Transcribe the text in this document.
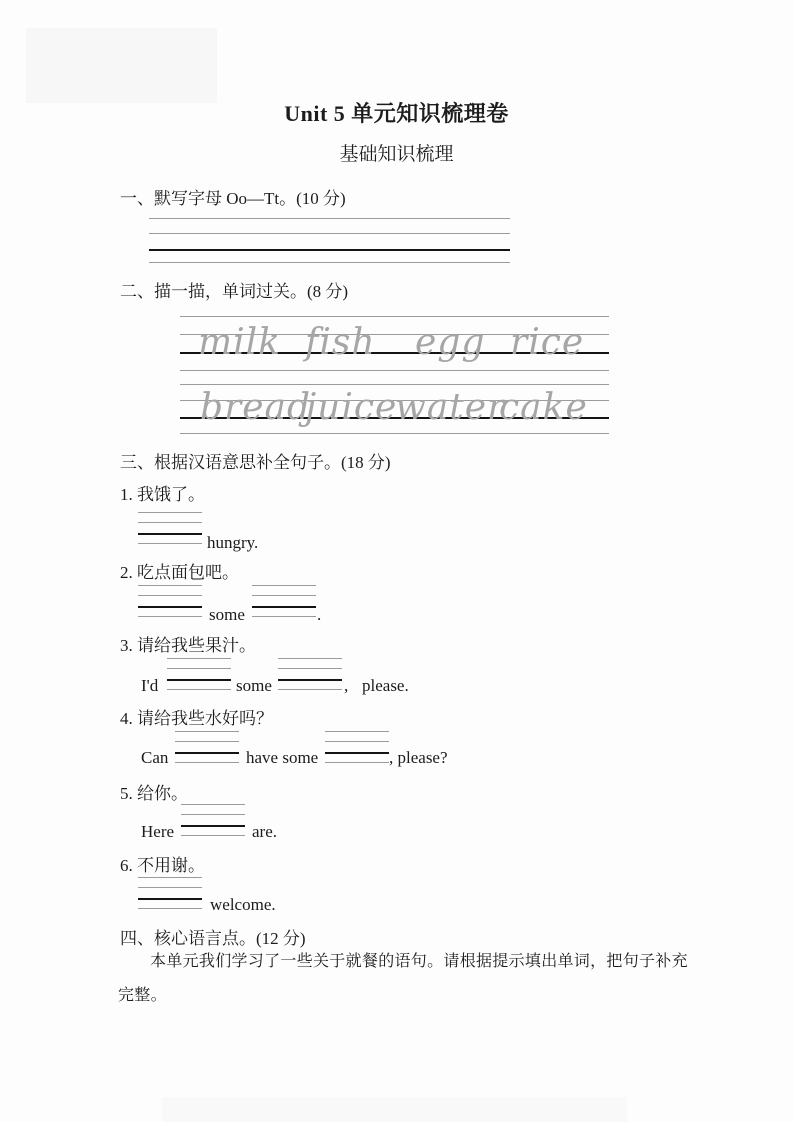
Unit 5 单元知识梳理卷
基础知识梳理
一、默写字母 Oo—Tt。(10 分)
二、描一描，单词过关。(8 分)
milk fish egg rice
bread
juice
water
cake
三、根据汉语意思补全句子。(18 分)
1. 我饿了。
hungry.
2. 吃点面包吧。
some	.
3. 请给我些果汁。
I'd	some	, please.
4. 请给我些水好吗？
Can	have some	, please?
5. 给你。
Here	are.
6. 不用谢。
welcome.
四、核心语言点。(12 分)
本单元我们学习了一些关于就餐的语句。请根据提示填出单词，把句子补充
完整。
